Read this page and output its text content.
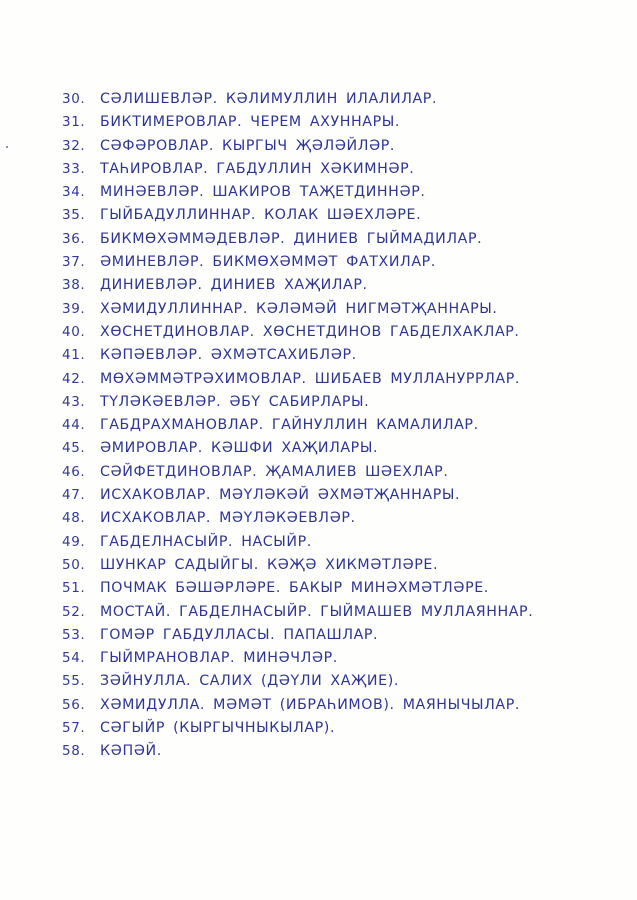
30. СӘЛИШЕВЛӘР. КӘЛИМУЛЛИН ИЛАЛИЛАР.
31. БИКТИМЕРОВЛАР. ЧЕРЕМ АХУННАРЫ.
32. СӘФӘРОВЛАР. КЫРГЫЧ ҖӘЛӘЙЛӘР.
33. ТАҺИРОВЛАР. ГАБДУЛЛИН ХӘКИМНӘР.
34. МИНӘЕВЛӘР. ШАКИРОВ ТАҖЕТДИННӘР.
35. ГЫЙБАДУЛЛИННАР. КОЛАК ШӘЕХЛӘРЕ.
36. БИКМӨХӘММӘДЕВЛӘР. ДИНИЕВ ГЫЙМАДИЛАР.
37. ӘМИНЕВЛӘР. БИКМӨХӘММӘТ ФАТХИЛАР.
38. ДИНИЕВЛӘР. ДИНИЕВ ХАҖИЛАР.
39. ХӘМИДУЛЛИННАР. КӘЛӘМӘЙ НИГМӘТҖАННАРЫ.
40. ХӨСНЕТДИНОВЛАР. ХӨСНЕТДИНОВ ГАБДЕЛХАКЛАР.
41. КӘПӘЕВЛӘР. ӘХМӘТСАХИБЛӘР.
42. МӨХӘММӘТРӘХИМОВЛАР. ШИБАЕВ МУЛЛАНУРРЛАР.
43. ТҮЛӘКӘЕВЛӘР. ӘБҮ САБИРЛАРЫ.
44. ГАБДРАХМАНОВЛАР. ГАЙНУЛЛИН КАМАЛИЛАР.
45. ӘМИРОВЛАР. КӘШФИ ХАҖИЛАРЫ.
46. СӘЙФЕТДИНОВЛАР. ҖАМАЛИЕВ ШӘЕХЛАР.
47. ИСХАКОВЛАР. МӘҮЛӘКӘЙ ӘХМӘТҖАННАРЫ.
48. ИСХАКОВЛАР. МӘҮЛӘКӘЕВЛӘР.
49. ГАБДЕЛНАСЫЙР. НАСЫЙР.
50. ШУНКАР САДЫЙГЫ. КӘҖӘ ХИКМӘТЛӘРЕ.
51. ПОЧМАК БӘШӘРЛӘРЕ. БАКЫР МИНӘХМӘТЛӘРЕ.
52. МОСТАЙ. ГАБДЕЛНАСЫЙР. ГЫЙМАШЕВ МУЛЛАЯННАР.
53. ГОМӘР ГАБДУЛЛАСЫ. ПАПАШЛАР.
54. ГЫЙМРАНОВЛАР. МИНӘЧЛӘР.
55. ЗӘЙНУЛЛА. САЛИХ (ДӘҮЛИ ХАҖИЕ).
56. ХӘМИДУЛЛА. МӘМӘТ (ИБРАҺИМОВ). МАЯНЫЧЫЛАР.
57. СӘГЫЙР (КЫРГЫЧНЫКЫЛАР).
58. КӘПӘЙ.
